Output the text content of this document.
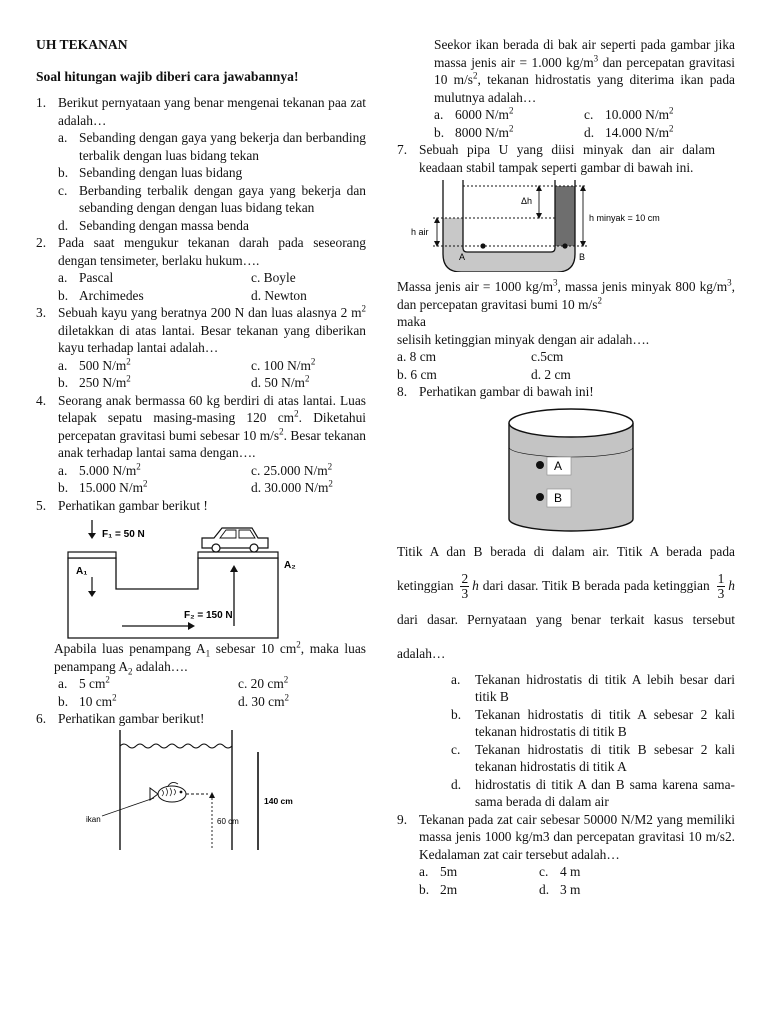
UH TEKANAN
Soal hitungan wajib diberi cara jawabannya!
1. Berikut pernyataan yang benar mengenai tekanan paa zat adalah…
a. Sebanding dengan gaya yang bekerja dan berbanding terbalik dengan luas bidang tekan
b. Sebanding dengan luas bidang
c. Berbanding terbalik dengan gaya yang bekerja dan sebanding dengan dengan luas bidang tekan
d. Sebanding dengan massa benda
2. Pada saat mengukur tekanan darah pada seseorang dengan tensimeter, berlaku hukum….
a. Pascal	c. Boyle
b. Archimedes	d. Newton
3. Sebuah kayu yang beratnya 200 N dan luas alasnya 2 $m^2$ diletakkan di atas lantai. Besar tekanan yang diberikan kayu terhadap lantai adalah…
a. 500 $N/m^2$	c. 100 $N/m^2$
b. 250 $N/m^2$	d. 50 $N/m^2$
4. Seorang anak bermassa 60 kg berdiri di atas lantai. Luas telapak sepatu masing-masing 120 $cm^2$. Diketahui percepatan gravitasi bumi sebesar 10 $m/s^2$. Besar tekanan anak terhadap lantai sama dengan….
a. 5.000 $N/m^2$	c. 25.000 $N/m^2$
b. 15.000 $N/m^2$	d. 30.000 $N/m^2$
5. Perhatikan gambar berikut !
F₁ = 50 N
A₁
A₂
F₂ = 150 N
Apabila luas penampang $A_1$ sebesar 10 $cm^2$, maka luas penampang $A_2$ adalah….
a. 5 $cm^2$	c. 20 $cm^2$
b. 10 $cm^2$	d. 30 $cm^2$
6. Perhatikan gambar berikut!
ikan	60 cm
140 cm
Seekor ikan berada di bak air seperti pada gambar jika massa jenis air = 1.000 $kg/m^3$ dan percepatan gravitasi 10 $m/s^2$, tekanan hidrostatis yang diterima ikan pada mulutnya adalah…
a. 6000 $N/m^2$	c. 10.000 $N/m^2$
b. 8000 $N/m^2$	d. 14.000 $N/m^2$
7. Sebuah pipa U yang diisi minyak dan air dalam keadaan stabil tampak seperti gambar di bawah ini.
A	B
Δh
h air
h minyak = 10 cm
Massa jenis air = 1000 $kg/m^3$, massa jenis minyak 800 $kg/m^3$, dan percepatan gravitasi bumi 10 $m/s^2$
maka
selisih ketinggian minyak dengan air adalah….
a. 8 cm	c.5cm
b. 6 cm	d. 2 cm
8. Perhatikan gambar di bawah ini!
A
B
Titik A dan B berada di dalam air. Titik A berada pada ketinggian $\frac{2}{3}$ h dari dasar. Titik B berada pada ketinggian $\frac{1}{3}$ h dari dasar. Pernyataan yang benar terkait kasus tersebut adalah…
a. Tekanan hidrostatis di titik A lebih besar dari titik B
b. Tekanan hidrostatis di titik A sebesar 2 kali tekanan hidrostatis di titik B
c. Tekanan hidrostatis di titik B sebesar 2 kali tekanan hidrostatis di titik A
d. hidrostatis di titik A dan B sama karena sama-sama berada di dalam air
9. Tekanan pada zat cair sebesar 50000 N/M2 yang memiliki massa jenis 1000 kg/m3 dan percepatan gravitasi 10 m/s2. Kedalaman zat cair tersebut adalah…
a. 5m	c. 4 m
b. 2m	d. 3 m
